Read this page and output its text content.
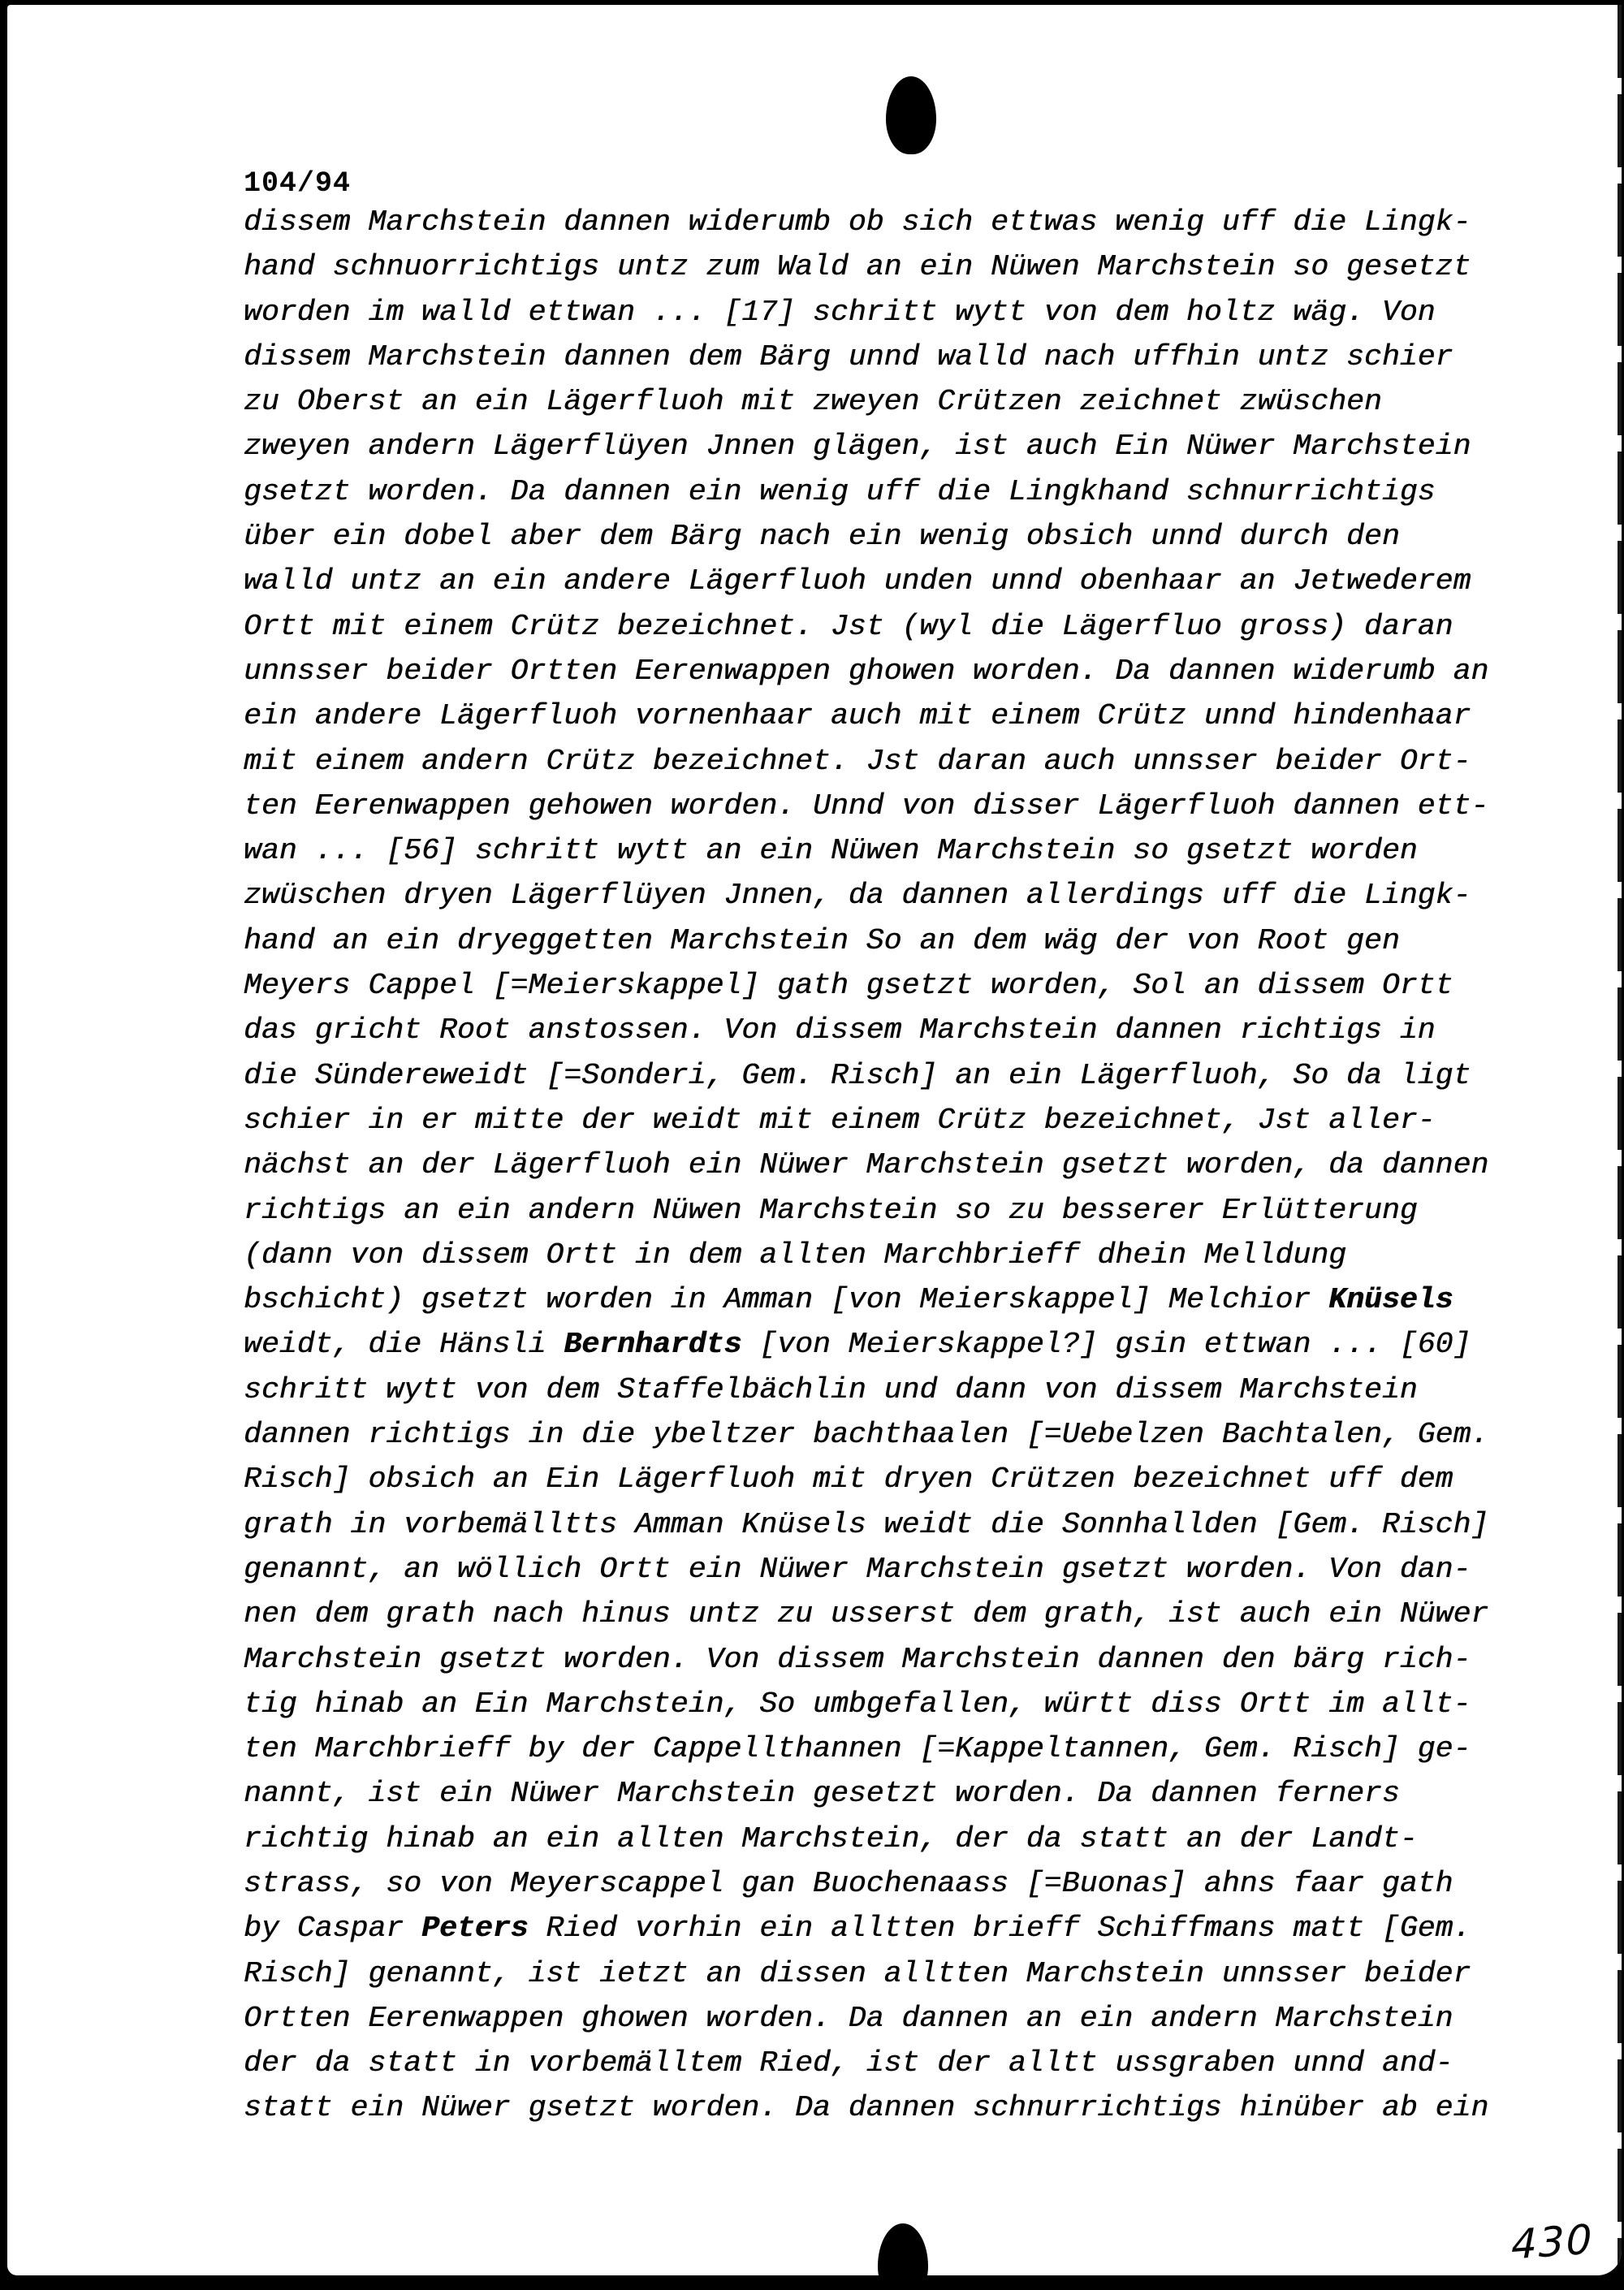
104/94
dissem Marchstein dannen widerumb ob sich ettwas wenig uff die Lingk-
hand schnuorrichtigs untz zum Wald an ein Nüwen Marchstein so gesetzt
worden im walld ettwan ... [17] schritt wytt von dem holtz wäg. Von
dissem Marchstein dannen dem Bärg unnd walld nach uffhin untz schier
zu Oberst an ein Lägerfluoh mit zweyen Crützen zeichnet zwüschen
zweyen andern Lägerflüyen Jnnen glägen, ist auch Ein Nüwer Marchstein
gsetzt worden. Da dannen ein wenig uff die Lingkhand schnurrichtigs
über ein dobel aber dem Bärg nach ein wenig obsich unnd durch den
walld untz an ein andere Lägerfluoh unden unnd obenhaar an Jetwederem
Ortt mit einem Crütz bezeichnet. Jst (wyl die Lägerfluo gross) daran
unnsser beider Ortten Eerenwappen ghowen worden. Da dannen widerumb an
ein andere Lägerfluoh vornenhaar auch mit einem Crütz unnd hindenhaar
mit einem andern Crütz bezeichnet. Jst daran auch unnsser beider Ort-
ten Eerenwappen gehowen worden. Unnd von disser Lägerfluoh dannen ett-
wan ... [56] schritt wytt an ein Nüwen Marchstein so gsetzt worden
zwüschen dryen Lägerflüyen Jnnen, da dannen allerdings uff die Lingk-
hand an ein dryeggetten Marchstein So an dem wäg der von Root gen
Meyers Cappel [=Meierskappel] gath gsetzt worden, Sol an dissem Ortt
das gricht Root anstossen. Von dissem Marchstein dannen richtigs in
die Sündereweidt [=Sonderi, Gem. Risch] an ein Lägerfluoh, So da ligt
schier in er mitte der weidt mit einem Crütz bezeichnet, Jst aller-
nächst an der Lägerfluoh ein Nüwer Marchstein gsetzt worden, da dannen
richtigs an ein andern Nüwen Marchstein so zu besserer Erlütterung
(dann von dissem Ortt in dem allten Marchbrieff dhein Melldung
bschicht) gsetzt worden in Amman [von Meierskappel] Melchior Knüsels
weidt, die Hänsli Bernhardts [von Meierskappel?] gsin ettwan ... [60]
schritt wytt von dem Staffelbächlin und dann von dissem Marchstein
dannen richtigs in die ybeltzer bachthaalen [=Uebelzen Bachtalen, Gem.
Risch] obsich an Ein Lägerfluoh mit dryen Crützen bezeichnet uff dem
grath in vorbemälltts Amman Knüsels weidt die Sonnhallden [Gem. Risch]
genannt, an wöllich Ortt ein Nüwer Marchstein gsetzt worden. Von dan-
nen dem grath nach hinus untz zu usserst dem grath, ist auch ein Nüwer
Marchstein gsetzt worden. Von dissem Marchstein dannen den bärg rich-
tig hinab an Ein Marchstein, So umbgefallen, württ diss Ortt im allt-
ten Marchbrieff by der Cappellthannen [=Kappeltannen, Gem. Risch] ge-
nannt, ist ein Nüwer Marchstein gesetzt worden. Da dannen ferners
richtig hinab an ein allten Marchstein, der da statt an der Landt-
strass, so von Meyerscappel gan Buochenaass [=Buonas] ahns faar gath
by Caspar Peters Ried vorhin ein alltten brieff Schiffmans matt [Gem.
Risch] genannt, ist ietzt an dissen alltten Marchstein unnsser beider
Ortten Eerenwappen ghowen worden. Da dannen an ein andern Marchstein
der da statt in vorbemälltem Ried, ist der alltt ussgraben unnd and-
statt ein Nüwer gsetzt worden. Da dannen schnurrichtigs hinüber ab ein
430
